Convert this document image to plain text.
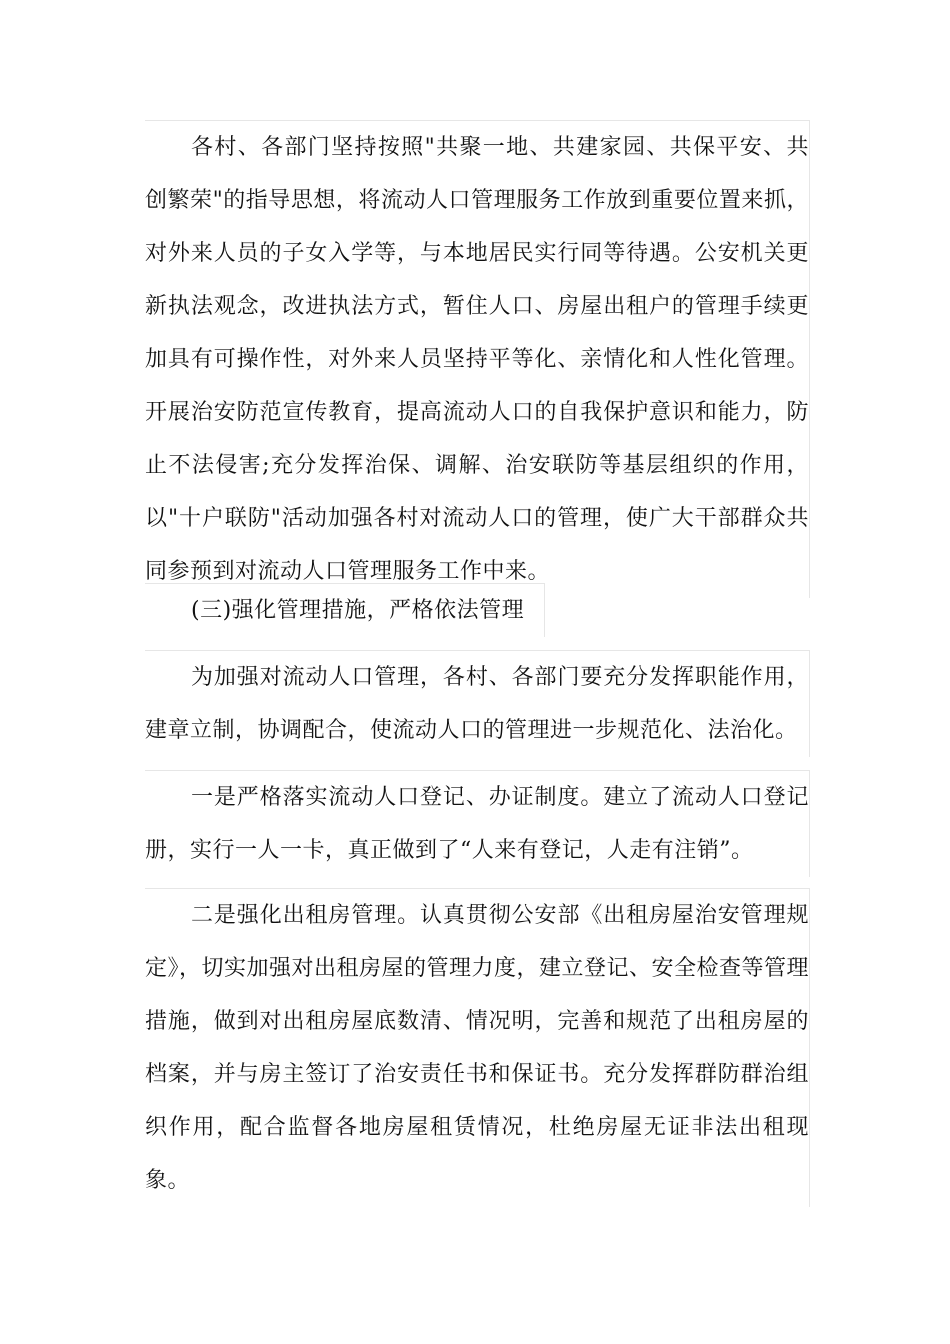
各村、各部门坚持按照"共聚一地、共建家园、共保平安、共创繁荣"的指导思想，将流动人口管理服务工作放到重要位置来抓，对外来人员的子女入学等，与本地居民实行同等待遇。公安机关更新执法观念，改进执法方式，暂住人口、房屋出租户的管理手续更加具有可操作性，对外来人员坚持平等化、亲情化和人性化管理。开展治安防范宣传教育，提高流动人口的自我保护意识和能力，防止不法侵害;充分发挥治保、调解、治安联防等基层组织的作用，以"十户联防"活动加强各村对流动人口的管理，使广大干部群众共同参预到对流动人口管理服务工作中来。

(三)强化管理措施，严格依法管理

为加强对流动人口管理，各村、各部门要充分发挥职能作用，建章立制，协调配合，使流动人口的管理进一步规范化、法治化。

一是严格落实流动人口登记、办证制度。建立了流动人口登记册，实行一人一卡，真正做到了“人来有登记，人走有注销”。

二是强化出租房管理。认真贯彻公安部《出租房屋治安管理规定》，切实加强对出租房屋的管理力度，建立登记、安全检查等管理措施，做到对出租房屋底数清、情况明，完善和规范了出租房屋的档案，并与房主签订了治安责任书和保证书。充分发挥群防群治组织作用，配合监督各地房屋租赁情况，杜绝房屋无证非法出租现象。
